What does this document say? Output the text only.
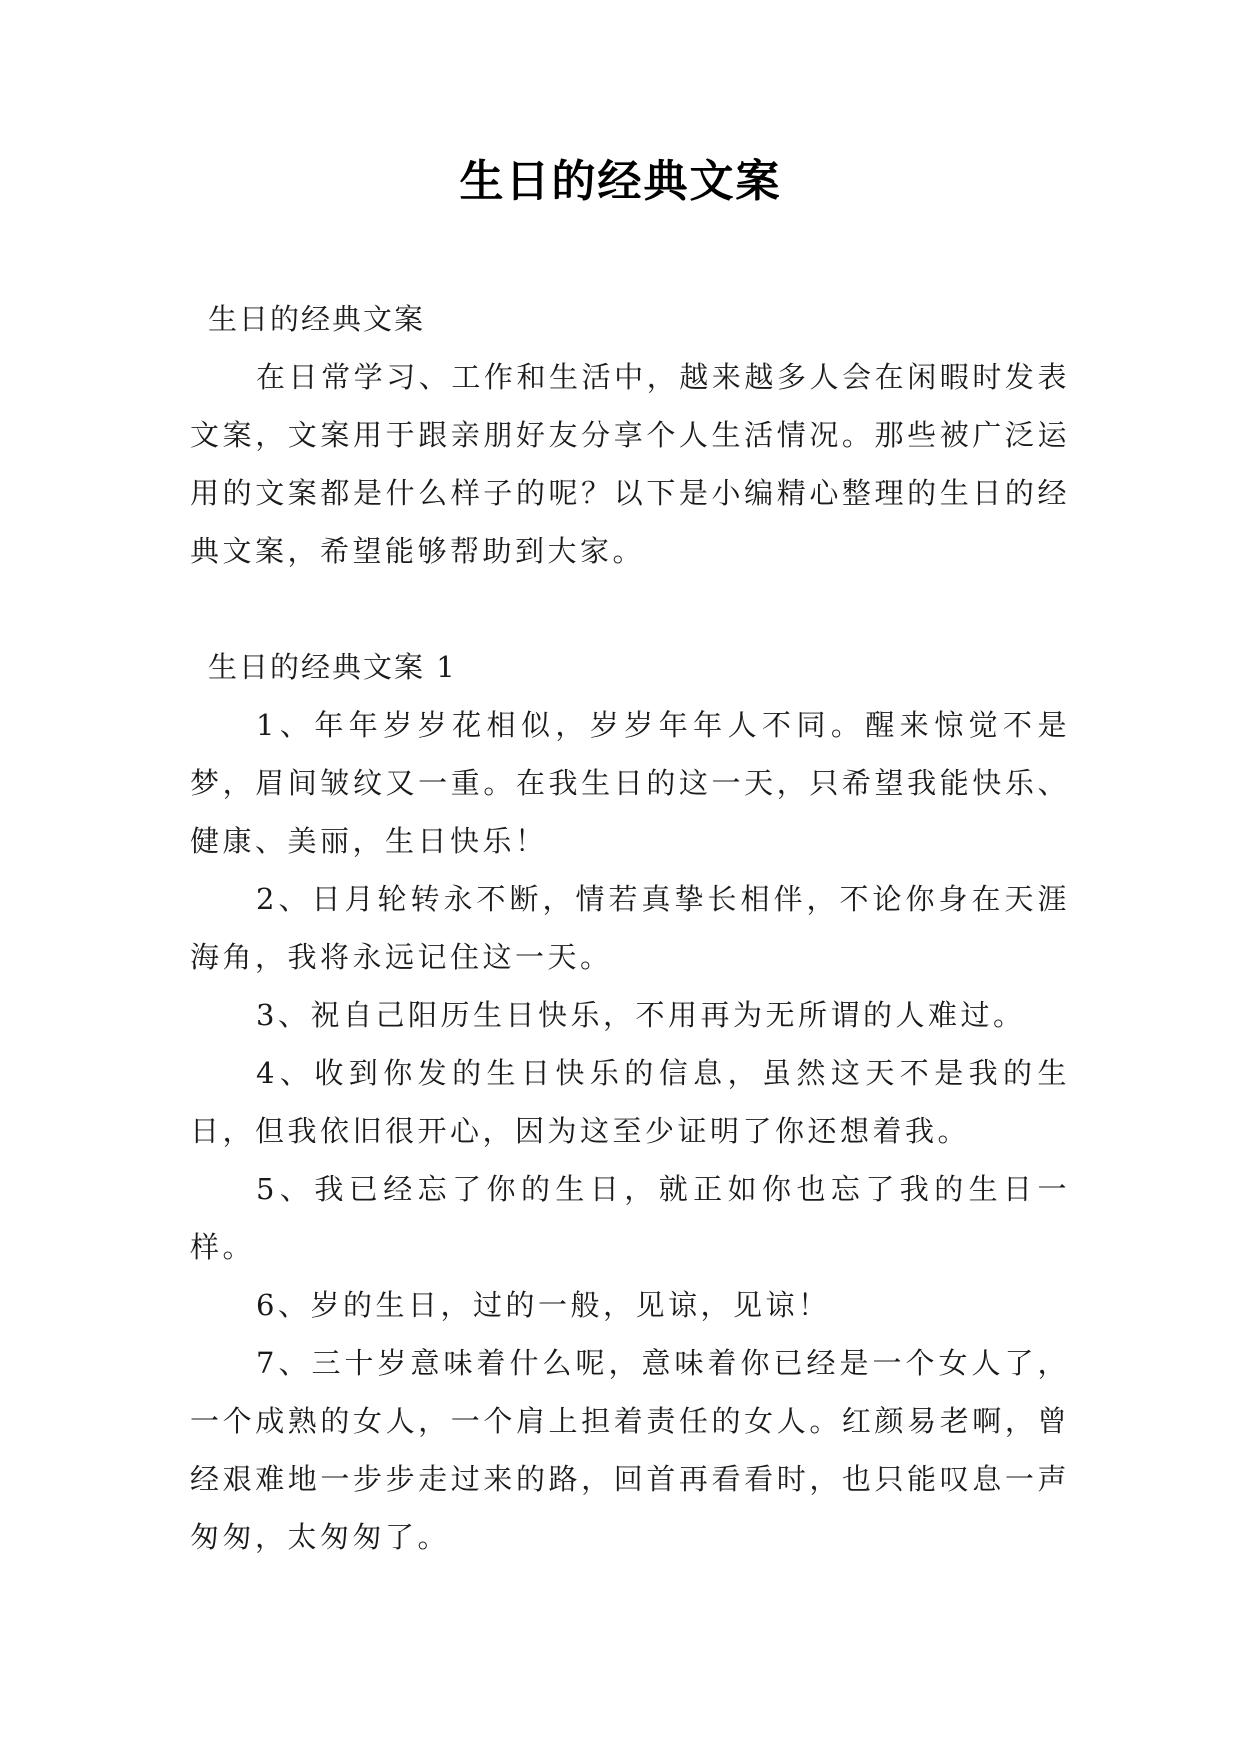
生日的经典文案

生日的经典文案

在日常学习、工作和生活中，越来越多人会在闲暇时发表文案，文案用于跟亲朋好友分享个人生活情况。那些被广泛运用的文案都是什么样子的呢？以下是小编精心整理的生日的经典文案，希望能够帮助到大家。

生日的经典文案 1

1、年年岁岁花相似，岁岁年年人不同。醒来惊觉不是梦，眉间皱纹又一重。在我生日的这一天，只希望我能快乐、健康、美丽，生日快乐！

2、日月轮转永不断，情若真挚长相伴，不论你身在天涯海角，我将永远记住这一天。

3、祝自己阳历生日快乐，不用再为无所谓的人难过。

4、收到你发的生日快乐的信息，虽然这天不是我的生日，但我依旧很开心，因为这至少证明了你还想着我。

5、我已经忘了你的生日，就正如你也忘了我的生日一样。

6、岁的生日，过的一般，见谅，见谅！

7、三十岁意味着什么呢，意味着你已经是一个女人了，一个成熟的女人，一个肩上担着责任的女人。红颜易老啊，曾经艰难地一步步走过来的路，回首再看看时，也只能叹息一声匆匆，太匆匆了。
